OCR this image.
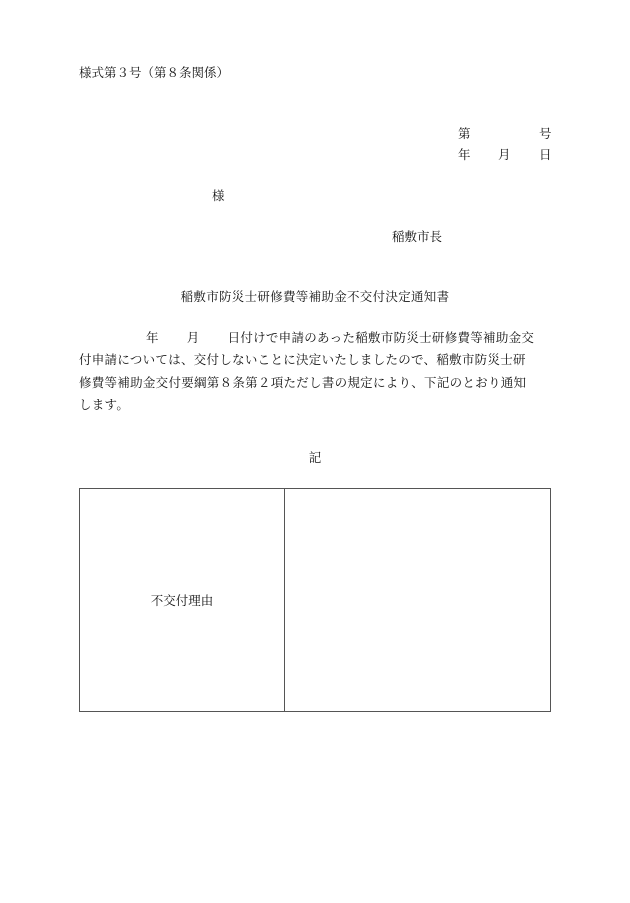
様式第３号（第８条関係）
第	号
年 月 日
様
稲敷市長
稲敷市防災士研修費等補助金不交付決定通知書
年 月 日付けで申請のあった稲敷市防災士研修費等補助金交
付申請については、交付しないことに決定いたしましたので、稲敷市防災士研
修費等補助金交付要綱第８条第２項ただし書の規定により、下記のとおり通知
します。
記
不交付理由	
